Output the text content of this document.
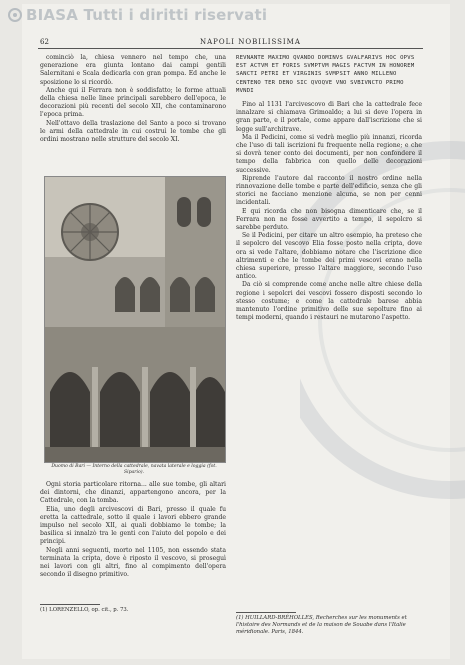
BIASA Tutti i diritti riservati
62	NAPOLI NOBILISSIMA

cominciò la, chiesa vennero nel tempo che, una generazione era giunta lontano dai campi gentili Salernitani e Scala dedicarla con gran pompa. Ed anche le sposizione lo si ricordò.

Anche qui il Ferrara non è soddisfatto; le forme attuali della chiesa nelle linee principali sarebbero dell'epoca, le decorazioni più recenti del secolo XII, che contaminarono l'epoca prima.

Nell'ottavo della traslazione del Santo a poco si trovano le armi della cattedrale in cui costruì le tombe che gli ordini mostrano nelle strutture del secolo XI.

Duomo di Bari — Interno della cattedrale, navata laterale e loggia (fot. Sipario).

Ogni storia particolare ritorna... alle sue tombe, gli altari dei dintorni, che dinanzi, appartengono ancora, per la Cattedrale, con la tomba.

Elia, uno degli arcivescovi di Bari, presso il quale fu eretta la cattedrale, sotto il quale i lavori ebbero grande impulso nel secolo XII, ai quali dobbiamo le tombe; la basilica si innalzò tra le genti con l'aiuto del popolo e dei principi.

Negli anni seguenti, morto nel 1105, non essendo stata terminata la cripta, dove è riposto il vescovo, si proseguì nei lavori con gli altri, fino al compimento dell'opera secondo il disegno primitivo.

REVNANTE MAXIMO QVANDO DOMINVS GVALFARIVS HOC OPVS EST ACTVM ET FORIS SVMPTVM MAGIS FACTVM IN HONOREM SANCTI PETRI ET VIRGINIS SVMPSIT ANNO MILLENO CENTENO TER DENO SIC QVOQVE VNO SVBIVNCTO PRIMO MVNDI

Fino al 1131 l'arcivescovo di Bari che la cattedrale fece innalzare si chiamava Grimoaldo; a lui si deve l'opera in gran parte, e il portale, come appare dall'iscrizione che si legge sull'architrave.

Ma il Pedicini, come si vedrà meglio più innanzi, ricorda che l'uso di tali iscrizioni fu frequente nella regione; e che si dovrà tener conto dei documenti, per non confondere il tempo della fabbrica con quello delle decorazioni successive.

Riprende l'autore dal racconto il nostro ordine nella rinnovazione delle tombe e parte dell'edificio, senza che gli storici ne facciano menzione alcuna, se non per cenni incidentali.

E qui ricorda che non bisogna dimenticare che, se il Ferrara non ne fosse avvertito a tempo, il sepolcro si sarebbe perduto.

Se il Pedicini, per citare un altro esempio, ha preteso che il sepolcro del vescovo Elia fosse posto nella cripta, dove ora si vede l'altare, dobbiamo notare che l'iscrizione dice altrimenti e che le tombe dei primi vescovi erano nella chiesa superiore, presso l'altare maggiore, secondo l'uso antico.

Da ciò si comprende come anche nelle altre chiese della regione i sepolcri dei vescovi fossero disposti secondo lo stesso costume; e come la cattedrale barese abbia mantenuto l'ordine primitivo delle sue sepolture fino ai tempi moderni, quando i restauri ne mutarono l'aspetto.

(1) LORENZELLO, op. cit., p. 73.
(1) HUILLARD-BRÉHOLLES, Recherches sur les monuments et l'histoire des Normands et de la maison de Souabe dans l'Italie méridionale. Paris, 1844.
